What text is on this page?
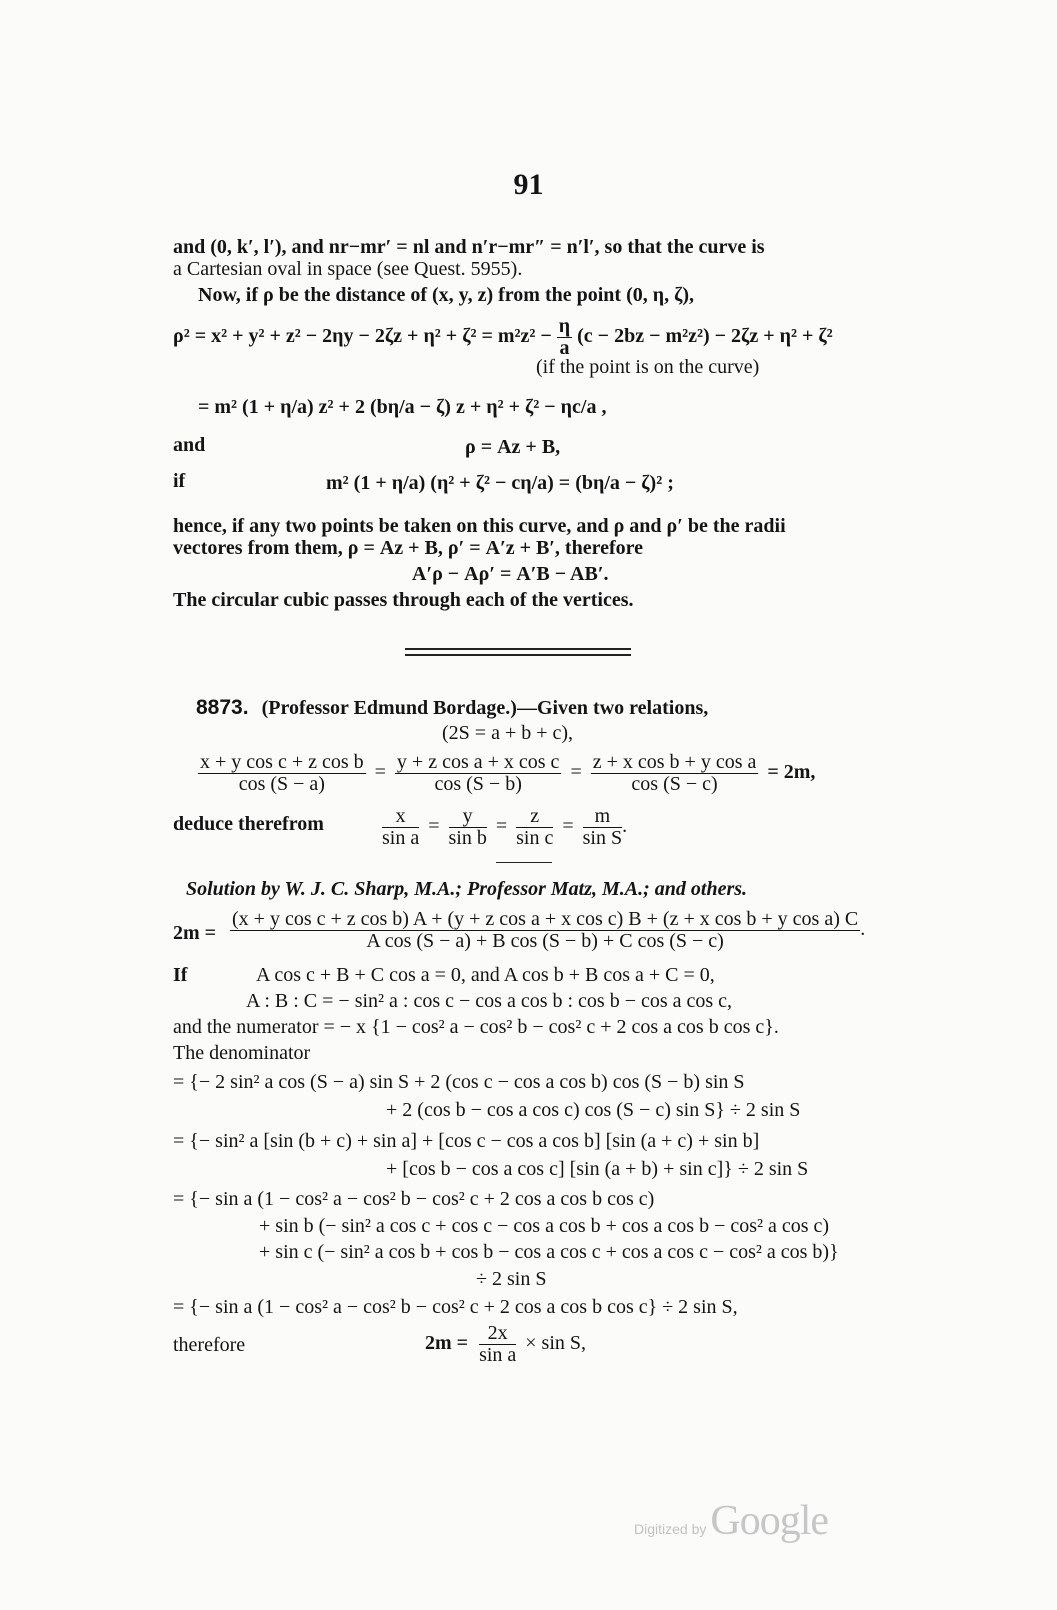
91
and (0, k′, l′), and nr−mr′ = nl and n′r−mr″ = n′l′, so that the curve is
a Cartesian oval in space (see Quest. 5955).
Now, if ρ be the distance of (x, y, z) from the point (0, η, ζ),
$\rho^2 = x^2 + y^2 + z^2 - 2\eta y - 2\zeta z + \eta^2 + \zeta^2 = m^2z^2 - \frac{\eta}{a} (c - 2bz - m^2z^2) - 2\zeta z + \eta^2 + \zeta^2$
(if the point is on the curve)
= m² (1 + η/a) z² + 2 (bη/a − ζ) z + η² + ζ² − ηc/a ,
and	ρ = Az + B,
if	m² (1 + η/a) (η² + ζ² − cη/a) = (bη/a − ζ)² ;
hence, if any two points be taken on this curve, and ρ and ρ′ be the radii
vectores from them, ρ = Az + B, ρ′ = A′z + B′, therefore
A′ρ − Aρ′ = A′B − AB′.
The circular cubic passes through each of the vertices.
8873. (Professor Edmund Bordage.)—Given two relations,
(2S = a + b + c),
$\frac{\text{x + y cos c + z cos b}}{\cos (S - a)} = \frac{\text{y + z cos a + x cos c}}{\cos (S - b)} = \frac{\text{z + x cos b + y cos a}}{\cos (S - c)} = 2m$,
deduce therefrom	$\frac{x}{\text{sin a}} = \frac{y}{\text{sin b}} = \frac{z}{\text{sin c}} = \frac{m}{\text{sin S}}$ .
Solution by W. J. C. Sharp, M.A.; Professor Matz, M.A.; and others.
2m =
(x + y cos c + z cos b) A + (y + z cos a + x cos c) B + (z + x cos b + y cos a) C
A cos (S − a) + B cos (S − b) + C cos (S − c)
.
If	A cos c + B + C cos a = 0, and A cos b + B cos a + C = 0,
A : B : C = − sin² a : cos c − cos a cos b : cos b − cos a cos c,
and the numerator = − x {1 − cos² a − cos² b − cos² c + 2 cos a cos b cos c}.
The denominator
= {− 2 sin² a cos (S − a) sin S + 2 (cos c − cos a cos b) cos (S − b) sin S
+ 2 (cos b − cos a cos c) cos (S − c) sin S} ÷ 2 sin S
= {− sin² a [sin (b + c) + sin a] + [cos c − cos a cos b] [sin (a + c) + sin b]
+ [cos b − cos a cos c] [sin (a + b) + sin c]} ÷ 2 sin S
= {− sin a (1 − cos² a − cos² b − cos² c + 2 cos a cos b cos c)
+ sin b (− sin² a cos c + cos c − cos a cos b + cos a cos b − cos² a cos c)
+ sin c (− sin² a cos b + cos b − cos a cos c + cos a cos c − cos² a cos b)}
÷ 2 sin S
= {− sin a (1 − cos² a − cos² b − cos² c + 2 cos a cos b cos c} ÷ 2 sin S,
therefore	$2m = \frac{2x}{\text{sin a}} \times \sin S$,
Digitized by Google
